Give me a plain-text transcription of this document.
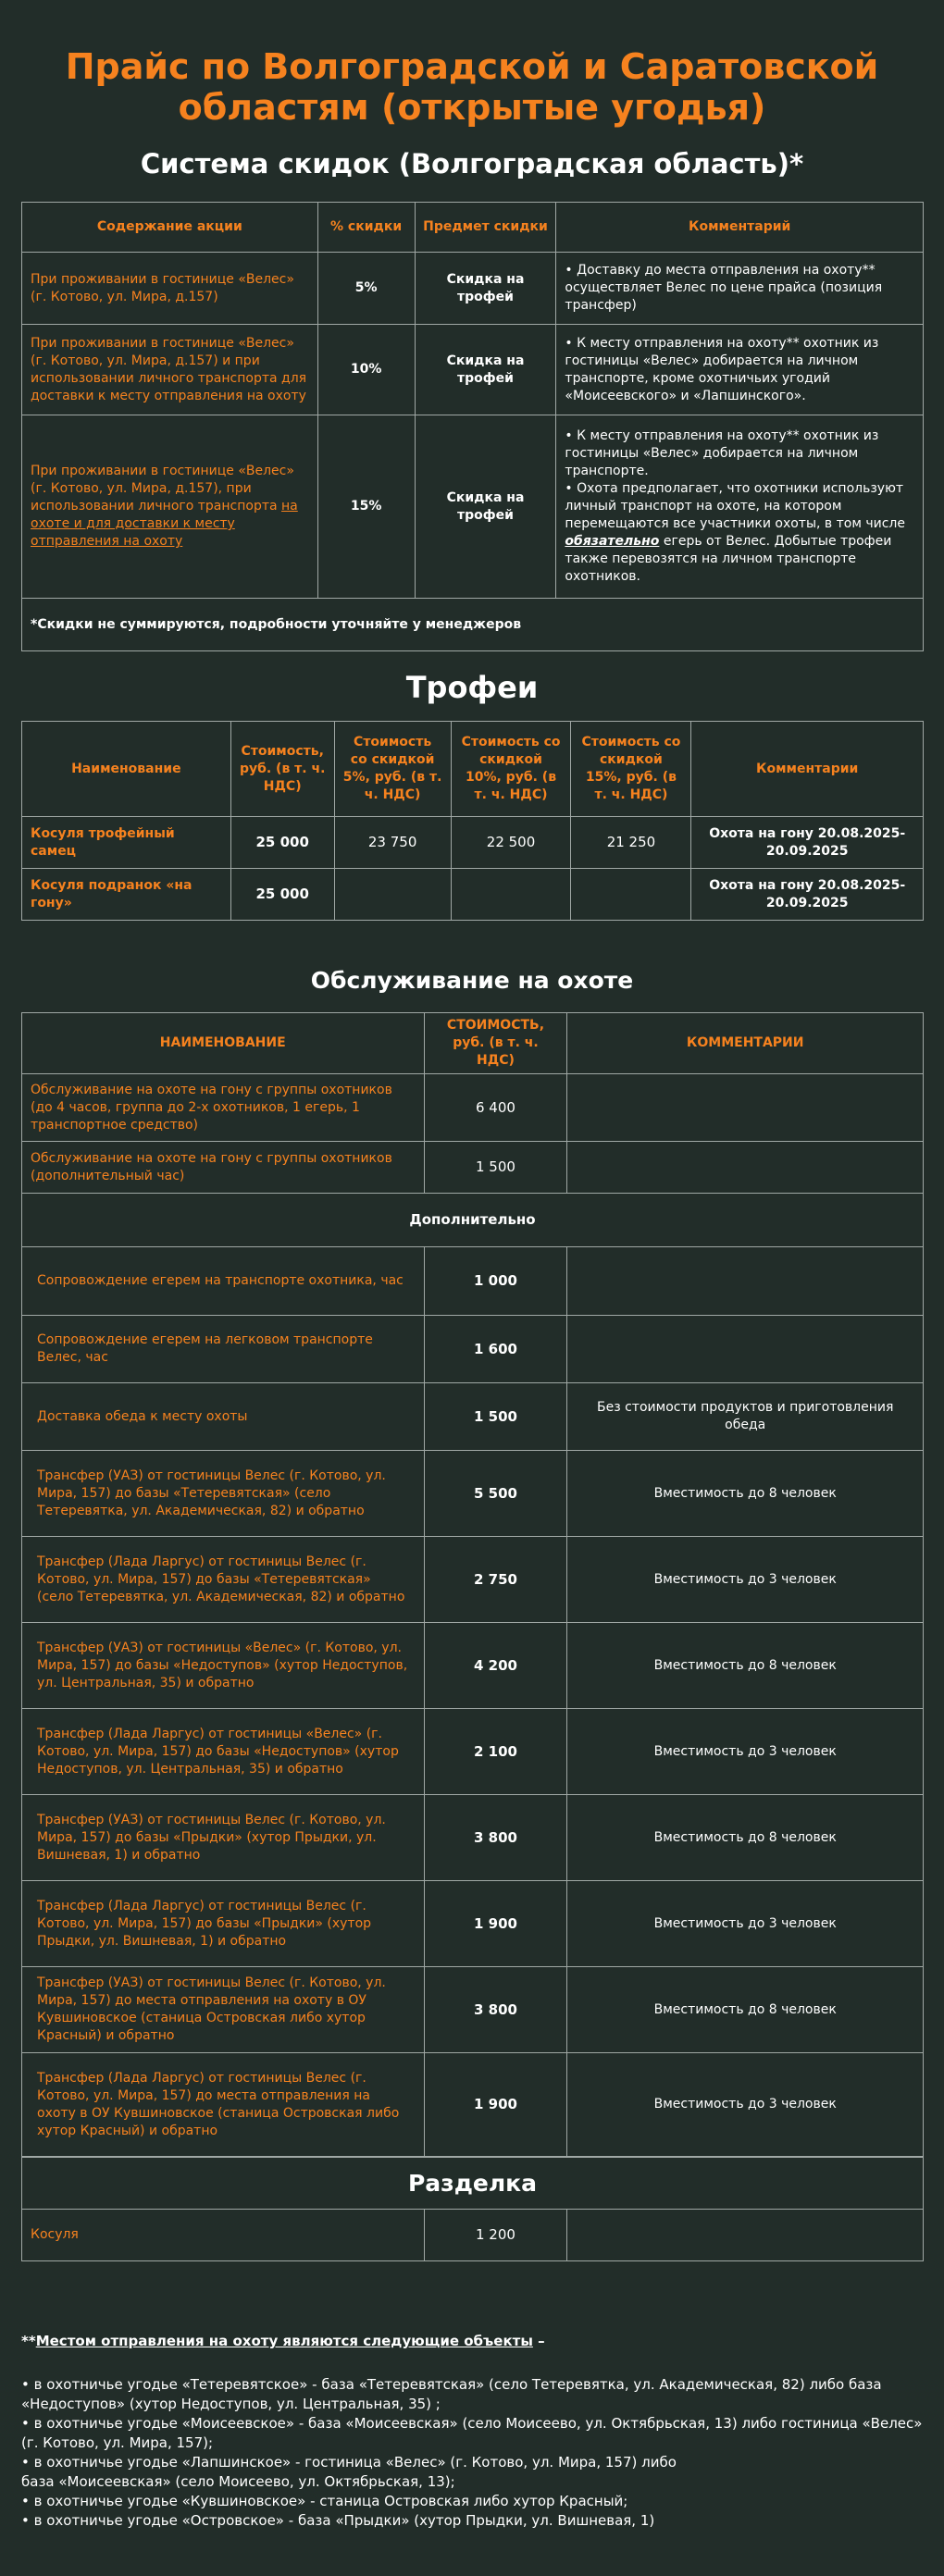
Прайс по Волгоградской и Саратовской областям (открытые угодья)
Система скидок (Волгоградская область)*
Содержание акции	% скидки	Предмет скидки	Комментарий
При проживании в гостинице «Велес» (г. Котово, ул. Мира, д.157)	5%	Скидка на трофей	• Доставку до места отправления на охоту** осуществляет Велес по цене прайса (позиция трансфер)
При проживании в гостинице «Велес» (г. Котово, ул. Мира, д.157) и при использовании личного транспорта для доставки к месту отправления на охоту	10%	Скидка на трофей	• К месту отправления на охоту** охотник из гостиницы «Велес» добирается на личном транспорте, кроме охотничьих угодий «Моисеевского» и «Лапшинского».
При проживании в гостинице «Велес» (г. Котово, ул. Мира, д.157), при использовании личного транспорта на охоте и для доставки к месту отправления на охоту	15%	Скидка на трофей	• К месту отправления на охоту** охотник из гостиницы «Велес» добирается на личном транспорте.
• Охота предполагает, что охотники используют личный транспорт на охоте, на котором перемещаются все участники охоты, в том числе обязательно егерь от Велес. Добытые трофеи также перевозятся на личном транспорте охотников.

*Скидки не суммируются, подробности уточняйте у менеджеров			
Трофеи
Наименование	Стоимость, руб. (в т. ч. НДС)	Стоимость со скидкой 5%, руб. (в т. ч. НДС)	Стоимость со скидкой 10%, руб. (в т. ч. НДС)	Стоимость со скидкой 15%, руб. (в т. ч. НДС)	Комментарии
Косуля трофейный самец	25 000	23 750	22 500	21 250	Охота на гону 20.08.2025-20.09.2025
Косуля подранок «на гону»	25 000				Охота на гону 20.08.2025-20.09.2025
Обслуживание на охоте
НАИМЕНОВАНИЕ	СТОИМОСТЬ, руб. (в т. ч. НДС)	КОММЕНТАРИИ
Обслуживание на охоте на гону с группы охотников (до 4 часов, группа до 2-х охотников, 1 егерь, 1 транспортное средство)	6 400	
Обслуживание на охоте на гону с группы охотников (дополнительный час)	1 500	
Дополнительно		
Сопровождение егерем на транспорте охотника, час	1 000	
Сопровождение егерем на легковом транспорте Велес, час	1 600	
Доставка обеда к месту охоты	1 500	Без стоимости продуктов и приготовления обеда
Трансфер (УАЗ) от гостиницы Велес (г. Котово, ул. Мира, 157) до базы «Тетеревятская» (село Тетеревятка, ул. Академическая, 82) и обратно	5 500	Вместимость до 8 человек
Трансфер (Лада Ларгус) от гостиницы Велес (г. Котово, ул. Мира, 157) до базы «Тетеревятская» (село Тетеревятка, ул. Академическая, 82) и обратно	2 750	Вместимость до 3 человек
Трансфер (УАЗ) от гостиницы «Велес» (г. Котово, ул. Мира, 157) до базы «Недоступов» (хутор Недоступов, ул. Центральная, 35) и обратно	4 200	Вместимость до 8 человек
Трансфер (Лада Ларгус) от гостиницы «Велес» (г. Котово, ул. Мира, 157) до базы «Недоступов» (хутор Недоступов, ул. Центральная, 35) и обратно	2 100	Вместимость до 3 человек
Трансфер (УАЗ) от гостиницы Велес (г. Котово, ул. Мира, 157) до базы «Прыдки» (хутор Прыдки, ул. Вишневая, 1) и обратно	3 800	Вместимость до 8 человек
Трансфер (Лада Ларгус) от гостиницы Велес (г. Котово, ул. Мира, 157) до базы «Прыдки» (хутор Прыдки, ул. Вишневая, 1) и обратно	1 900	Вместимость до 3 человек
Трансфер (УАЗ) от гостиницы Велес (г. Котово, ул. Мира, 157) до места отправления на охоту в ОУ Кувшиновское (станица Островская либо хутор Красный) и обратно	3 800	Вместимость до 8 человек
Трансфер (Лада Ларгус) от гостиницы Велес (г. Котово, ул. Мира, 157) до места отправления на охоту в ОУ Кувшиновское (станица Островская либо хутор Красный) и обратно	1 900	Вместимость до 3 человек
Разделка
Косуля	1 200	
**Местом отправления на охоту являются следующие объекты –
• в охотничье угодье «Тетеревятское» - база «Тетеревятская» (село Тетеревятка, ул. Академическая, 82) либо база «Недоступов» (хутор Недоступов, ул. Центральная, 35) ;
• в охотничье угодье «Моисеевское» - база «Моисеевская» (село Моисеево, ул. Октябрьская, 13) либо гостиница «Велес» (г. Котово, ул. Мира, 157);
• в охотничье угодье «Лапшинское» - гостиница «Велес» (г. Котово, ул. Мира, 157) либо
база «Моисеевская» (село Моисеево, ул. Октябрьская, 13);
• в охотничье угодье «Кувшиновское» - станица Островская либо хутор Красный;
• в охотничье угодье «Островское» - база «Прыдки» (хутор Прыдки, ул. Вишневая, 1)
